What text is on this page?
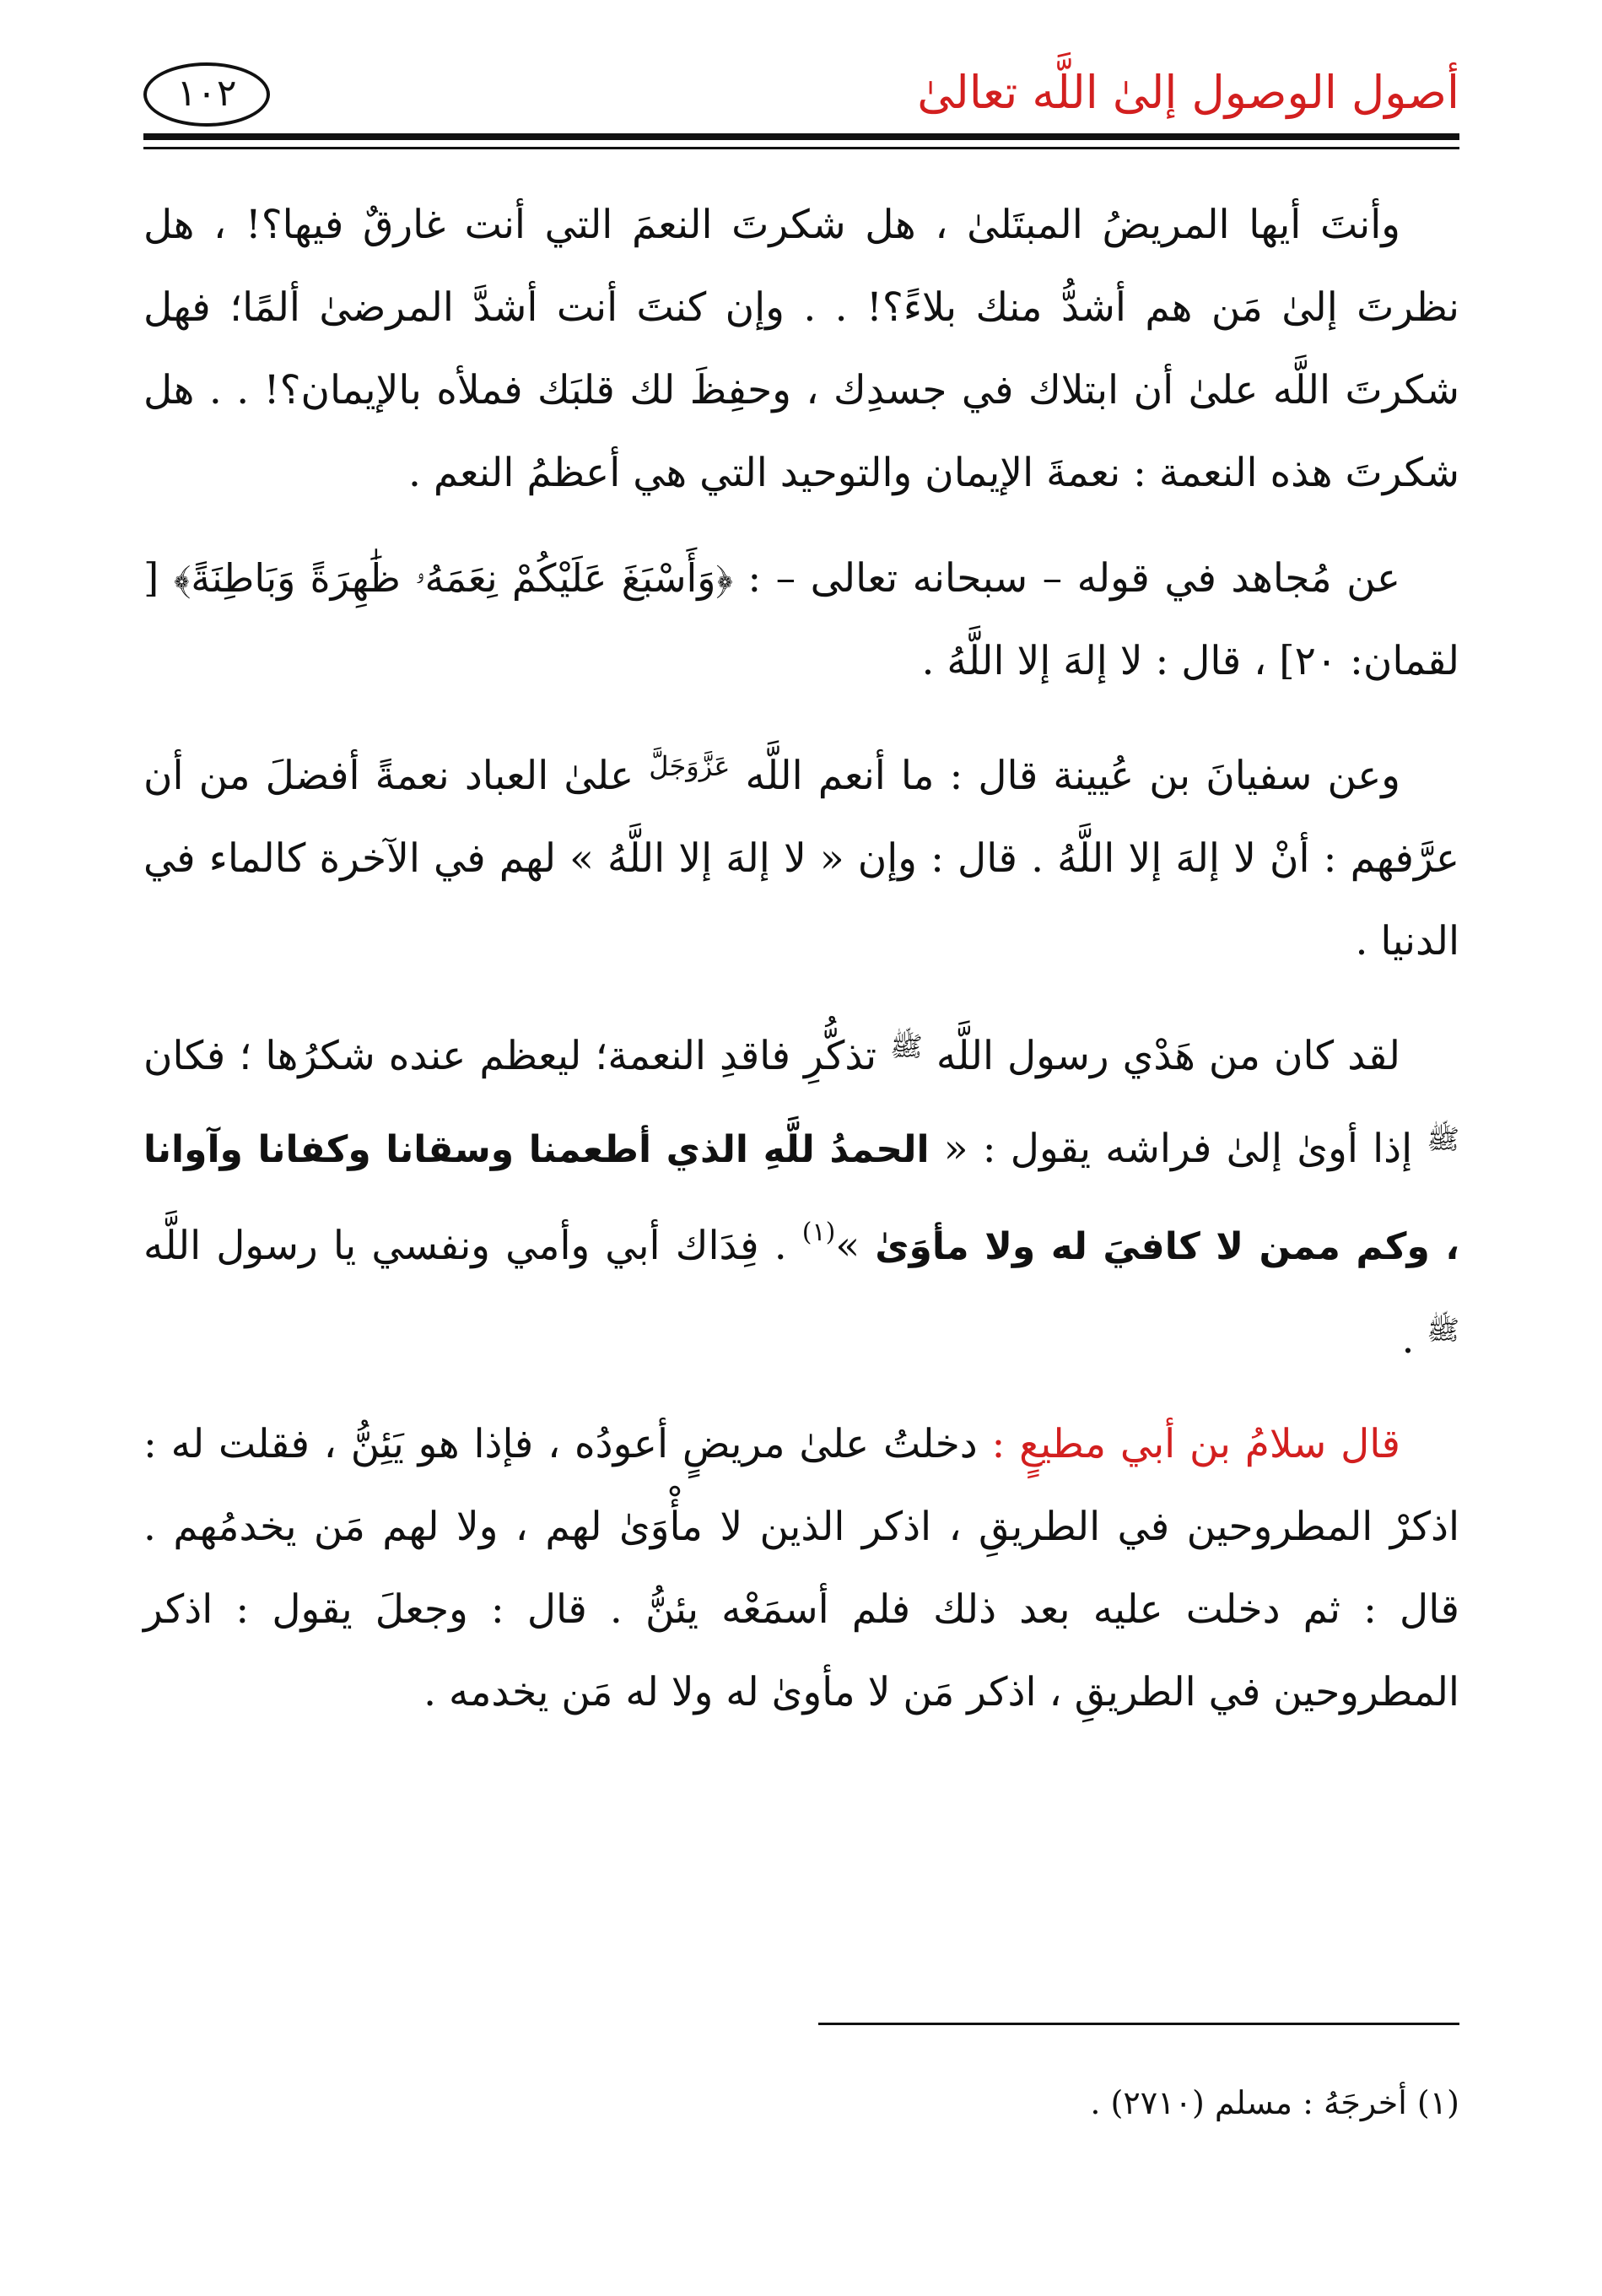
أصول الوصول إلىٰ اللَّه تعالىٰ
١٠٢

وأنتَ أيها المريضُ المبتَلىٰ ، هل شكرتَ النعمَ التي أنت غارقٌ فيها؟! ، هل نظرتَ إلىٰ مَن هم أشدُّ منك بلاءً؟! . . وإن كنتَ أنت أشدَّ المرضىٰ ألمًا؛ فهل شكرتَ اللَّه علىٰ أن ابتلاك في جسدِك ، وحفِظَ لك قلبَك فملأه بالإيمان؟! . . هل شكرتَ هذه النعمة : نعمةَ الإيمان والتوحيد التي هي أعظمُ النعم .

عن مُجاهد في قوله – سبحانه تعالى – : ﴿وَأَسْبَغَ عَلَيْكُمْ نِعَمَهُۥ ظَٰهِرَةً وَبَاطِنَةً﴾ [ لقمان: ٢٠] ، قال : لا إلهَ إلا اللَّهُ .

وعن سفيانَ بن عُيينة قال : ما أنعم اللَّه $^{عَزَّوَجَلَّ}$ علىٰ العباد نعمةً أفضلَ من أن عرَّفهم : أنْ لا إلهَ إلا اللَّهُ . قال : وإن « لا إلهَ إلا اللَّهُ » لهم في الآخرة كالماء في الدنيا .

لقد كان من هَدْي رسول اللَّه $^ﷺ$ تذكُّرِ فاقدِ النعمة؛ ليعظم عنده شكرُها ؛ فكان $^ﷺ$ إذا أوىٰ إلىٰ فراشه يقول : « الحمدُ للَّهِ الذي أطعمنا وسقانا وكفانا وآوانا ، وكم ممن لا كافيَ له ولا مأوَىٰ »$^{(١)}$ . فِدَاك أبي وأمي ونفسي يا رسول اللَّه $^ﷺ$ .

قال سلامُ بن أبي مطيعٍ : دخلتُ علىٰ مريضٍ أعودُه ، فإذا هو يَئِنُّ ، فقلت له : اذكرْ المطروحين في الطريقِ ، اذكر الذين لا مأْوَىٰ لهم ، ولا لهم مَن يخدمُهم . قال : ثم دخلت عليه بعد ذلك فلم أسمَعْه يئنُّ . قال : وجعلَ يقول : اذكر المطروحين في الطريقِ ، اذكر مَن لا مأوىٰ له ولا له مَن يخدمه .

(١) أخرجَهُ : مسلم (٢٧١٠) .
